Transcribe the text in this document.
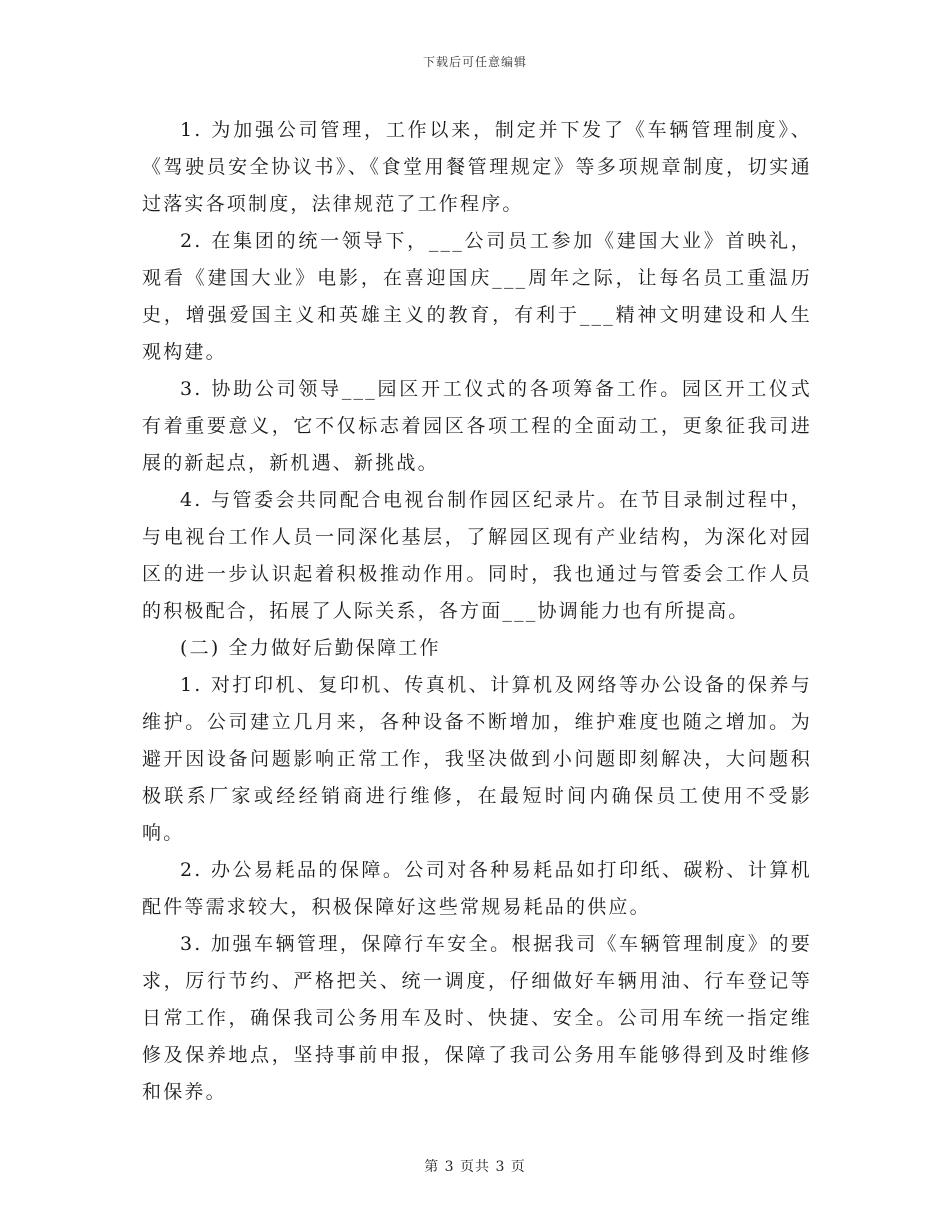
下载后可任意编辑

1. 为加强公司管理，工作以来，制定并下发了《车辆管理制度》、《驾驶员安全协议书》、《食堂用餐管理规定》等多项规章制度，切实通过落实各项制度，法律规范了工作程序。

2. 在集团的统一领导下，___公司员工参加《建国大业》首映礼，观看《建国大业》电影，在喜迎国庆___周年之际，让每名员工重温历史，增强爱国主义和英雄主义的教育，有利于___精神文明建设和人生观构建。

3. 协助公司领导___园区开工仪式的各项筹备工作。园区开工仪式有着重要意义，它不仅标志着园区各项工程的全面动工，更象征我司进展的新起点，新机遇、新挑战。

4. 与管委会共同配合电视台制作园区纪录片。在节目录制过程中，与电视台工作人员一同深化基层，了解园区现有产业结构，为深化对园区的进一步认识起着积极推动作用。同时，我也通过与管委会工作人员的积极配合，拓展了人际关系，各方面___协调能力也有所提高。

(二) 全力做好后勤保障工作

1. 对打印机、复印机、传真机、计算机及网络等办公设备的保养与维护。公司建立几月来，各种设备不断增加，维护难度也随之增加。为避开因设备问题影响正常工作，我坚决做到小问题即刻解决，大问题积极联系厂家或经经销商进行维修，在最短时间内确保员工使用不受影响。

2. 办公易耗品的保障。公司对各种易耗品如打印纸、碳粉、计算机配件等需求较大，积极保障好这些常规易耗品的供应。

3. 加强车辆管理，保障行车安全。根据我司《车辆管理制度》的要求，厉行节约、严格把关、统一调度，仔细做好车辆用油、行车登记等日常工作，确保我司公务用车及时、快捷、安全。公司用车统一指定维修及保养地点，坚持事前申报，保障了我司公务用车能够得到及时维修和保养。

第 3 页共 3 页
